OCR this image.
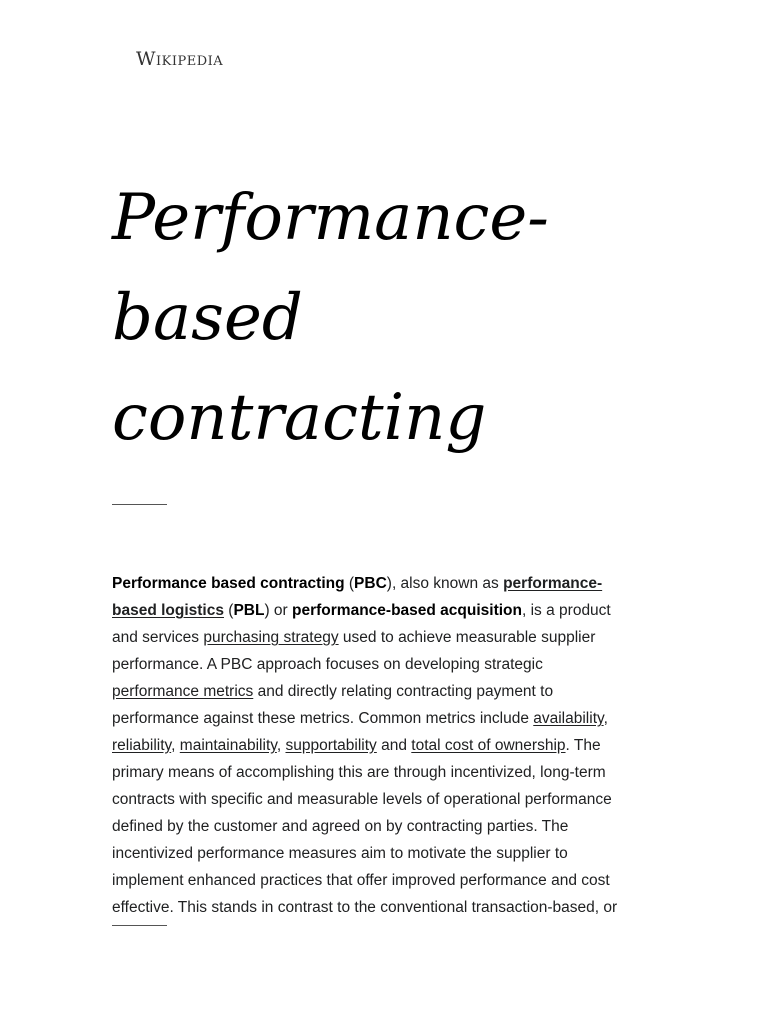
Wikipedia
Performance-
based
contracting
Performance based contracting (PBC), also known as performance-
based logistics (PBL) or performance-based acquisition, is a product
and services purchasing strategy used to achieve measurable supplier
performance. A PBC approach focuses on developing strategic
performance metrics and directly relating contracting payment to
performance against these metrics. Common metrics include availability,
reliability, maintainability, supportability and total cost of ownership. The
primary means of accomplishing this are through incentivized, long-term
contracts with specific and measurable levels of operational performance
defined by the customer and agreed on by contracting parties. The
incentivized performance measures aim to motivate the supplier to
implement enhanced practices that offer improved performance and cost
effective. This stands in contrast to the conventional transaction-based, or
